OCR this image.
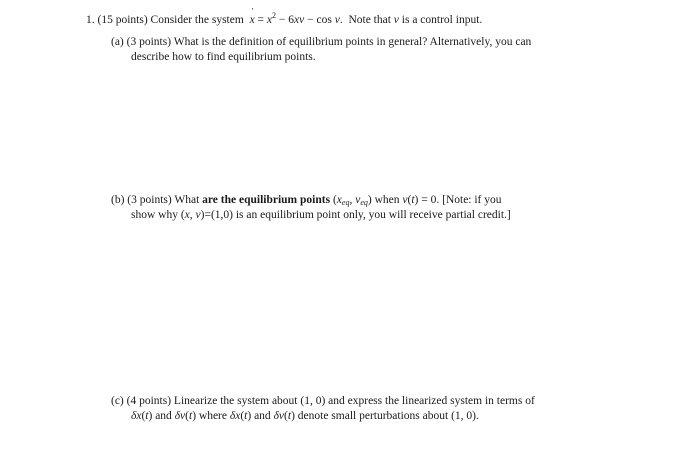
1. (15 points) Consider the system x ˙ = $x^2 - 6xv - \cos v$.  Note that v is a control input.
(a) (3 points) What is the definition of equilibrium points in general? Alternatively, you can
describe how to find equilibrium points.
(b) (3 points) What are the equilibrium points ($x_{eq}$, $v_{eq}$) when v(t) = 0. [Note: if you
show why (x, v)=(1,0) is an equilibrium point only, you will receive partial credit.]
(c) (4 points) Linearize the system about (1, 0) and express the linearized system in terms of
δx(t) and δv(t) where δx(t) and δv(t) denote small perturbations about (1, 0).
